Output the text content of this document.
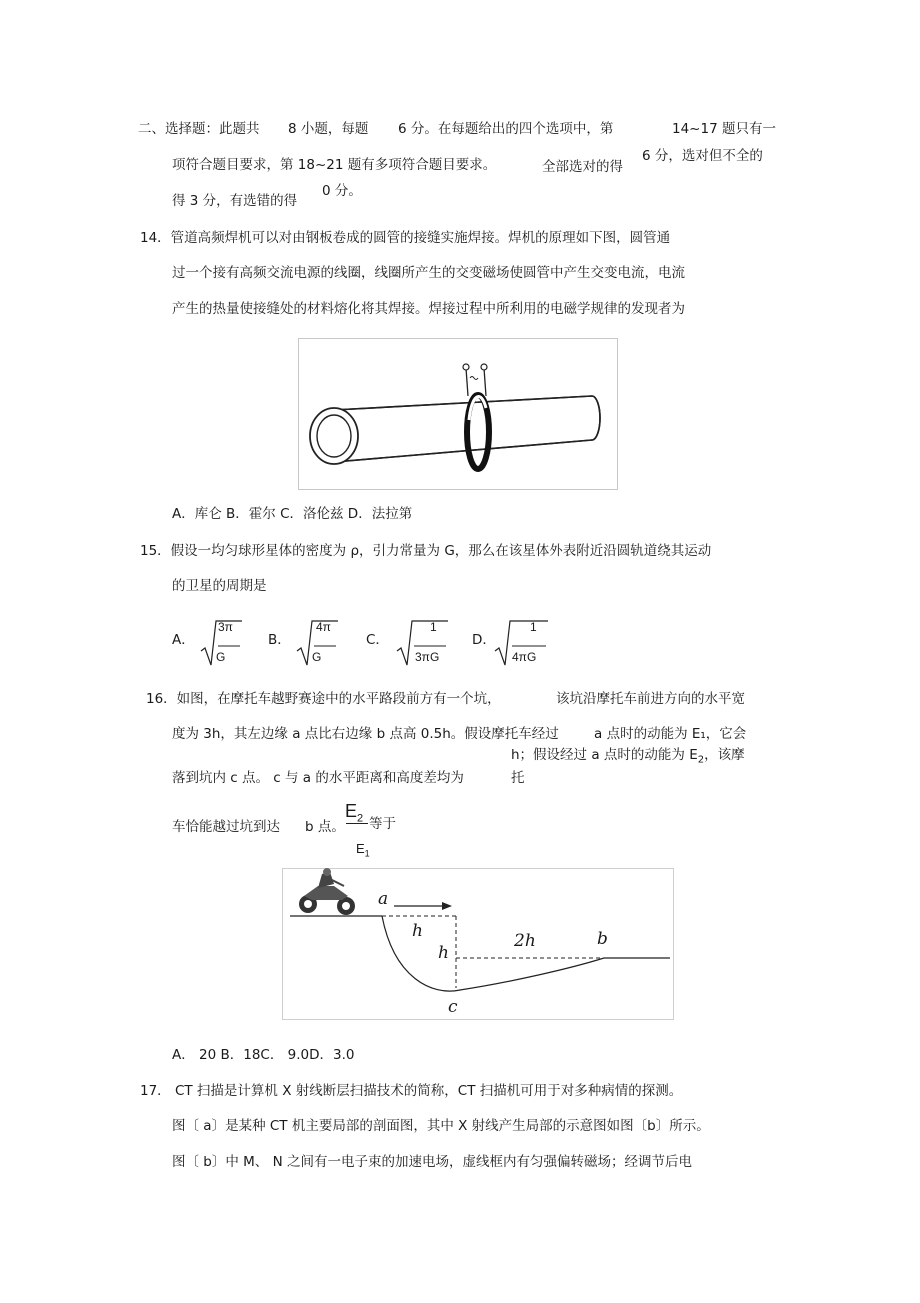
二、选择题：此题共 8 小题，每题 6 分。在每题给出的四个选项中，第	14~17 题只有一
项符合题目要求，第 18~21 题有多项符合题目要求。	全部选对的得
6 分，选对但不全的
得 3 分，有选错的得
0 分。
14．管道高频焊机可以对由钢板卷成的圆管的接缝实施焊接。焊机的原理如下图，圆管通
过一个接有高频交流电源的线圈，线圈所产生的交变磁场使圆管中产生交变电流，电流
产生的热量使接缝处的材料熔化将其焊接。焊接过程中所利用的电磁学规律的发现者为
A．库仑 B．霍尔 C．洛伦兹 D．法拉第
15．假设一均匀球形星体的密度为 ρ，引力常量为 G，那么在该星体外表附近沿圆轨道绕其运动
的卫星的周期是
A．
3π
G
B．
4π
G
C．
1
3πG
D．
1
4πG
16．如图，在摩托车越野赛途中的水平路段前方有一个坑，	该坑沿摩托车前进方向的水平宽
度为 3h，其左边缘 a 点比右边缘 b 点高 0.5h。假设摩托车经过	a 点时的动能为 E₁，它会
h；假设经过 a 点时的动能为 $E_2$，该摩
落到坑内 c 点。 c 与 a 的水平距离和高度差均为	托
车恰能越过坑到达 b 点。
$E_2$ 等于
$E_1$
a
h
h
2h	b
c
A． 20 B．18C． 9.0D．3.0
17． CT 扫描是计算机 X 射线断层扫描技术的简称，CT 扫描机可用于对多种病情的探测。
图〔 a〕是某种 CT 机主要局部的剖面图，其中 X 射线产生局部的示意图如图〔b〕所示。
图〔 b〕中 M、 N 之间有一电子束的加速电场，虚线框内有匀强偏转磁场；经调节后电
